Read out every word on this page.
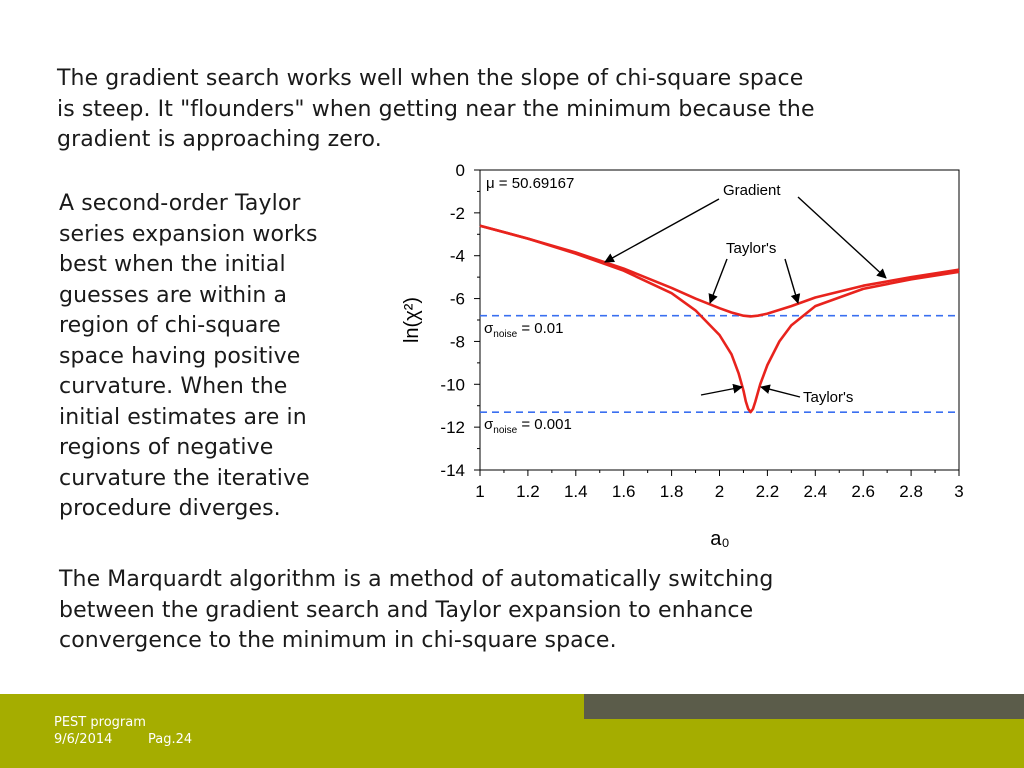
The gradient search works well when the slope of chi-square space
is steep. It "flounders" when getting near the minimum because the
gradient is approaching zero.

A second-order Taylor
series expansion works
best when the initial
guesses are within a
region of chi-square
space having positive
curvature. When the
initial estimates are in
regions of negative
curvature the iterative
procedure diverges.

The Marquardt algorithm is a method of automatically switching
between the gradient search and Taylor expansion to enhance
convergence to the minimum in chi-square space.

1 1.2 1.4 1.6 1.8 2 2.2 2.4 2.6 2.8 3
0
-2
-4
-6
-8
-10
-12
-14
ln(χ²)
a₀
μ = 50.69167	Gradient
Taylor's
Taylor's
$\sigma_{noise} = 0.01$
$\sigma_{noise} = 0.001$
PEST program
9/6/2014	Pag.24
